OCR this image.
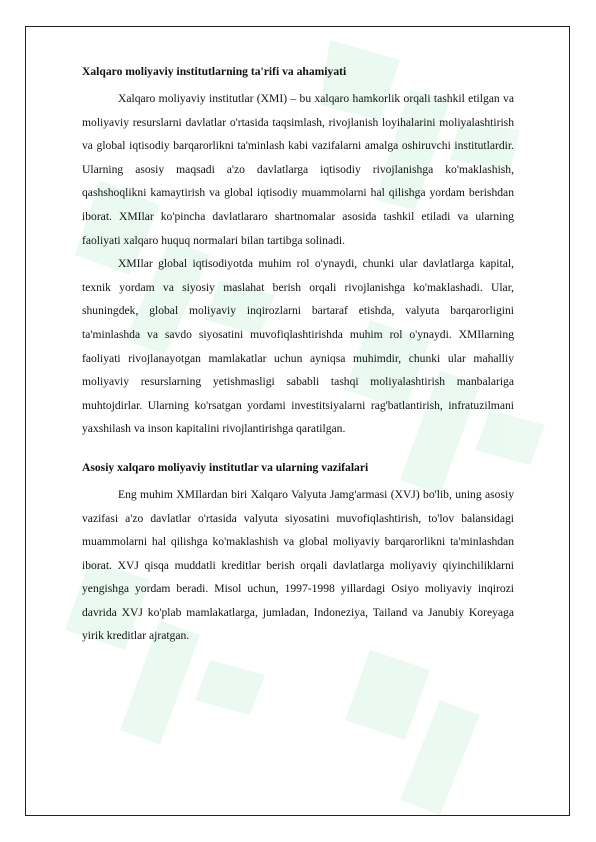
Xalqaro moliyaviy institutlarning ta'rifi va ahamiyati

Xalqaro moliyaviy institutlar (XMI) – bu xalqaro hamkorlik orqali tashkil etilgan va moliyaviy resurslarni davlatlar o'rtasida taqsimlash, rivojlanish loyihalarini moliyalashtirish va global iqtisodiy barqarorlikni ta'minlash kabi vazifalarni amalga oshiruvchi institutlardir. Ularning asosiy maqsadi a'zo davlatlarga iqtisodiy rivojlanishga ko'maklashish, qashshoqlikni kamaytirish va global iqtisodiy muammolarni hal qilishga yordam berishdan iborat. XMIlar ko'pincha davlatlararo shartnomalar asosida tashkil etiladi va ularning faoliyati xalqaro huquq normalari bilan tartibga solinadi.

XMIlar global iqtisodiyotda muhim rol o'ynaydi, chunki ular davlatlarga kapital, texnik yordam va siyosiy maslahat berish orqali rivojlanishga ko'maklashadi. Ular, shuningdek, global moliyaviy inqirozlarni bartaraf etishda, valyuta barqarorligini ta'minlashda va savdo siyosatini muvofiqlashtirishda muhim rol o'ynaydi. XMIlarning faoliyati rivojlanayotgan mamlakatlar uchun ayniqsa muhimdir, chunki ular mahalliy moliyaviy resurslarning yetishmasligi sababli tashqi moliyalashtirish manbalariga muhtojdirlar. Ularning ko'rsatgan yordami investitsiyalarni rag'batlantirish, infratuzilmani yaxshilash va inson kapitalini rivojlantirishga qaratilgan.

Asosiy xalqaro moliyaviy institutlar va ularning vazifalari

Eng muhim XMIlardan biri Xalqaro Valyuta Jamg'armasi (XVJ) bo'lib, uning asosiy vazifasi a'zo davlatlar o'rtasida valyuta siyosatini muvofiqlashtirish, to'lov balansidagi muammolarni hal qilishga ko'maklashish va global moliyaviy barqarorlikni ta'minlashdan iborat. XVJ qisqa muddatli kreditlar berish orqali davlatlarga moliyaviy qiyinchiliklarni yengishga yordam beradi. Misol uchun, 1997-1998 yillardagi Osiyo moliyaviy inqirozi davrida XVJ ko'plab mamlakatlarga, jumladan, Indoneziya, Tailand va Janubiy Koreyaga yirik kreditlar ajratgan.
